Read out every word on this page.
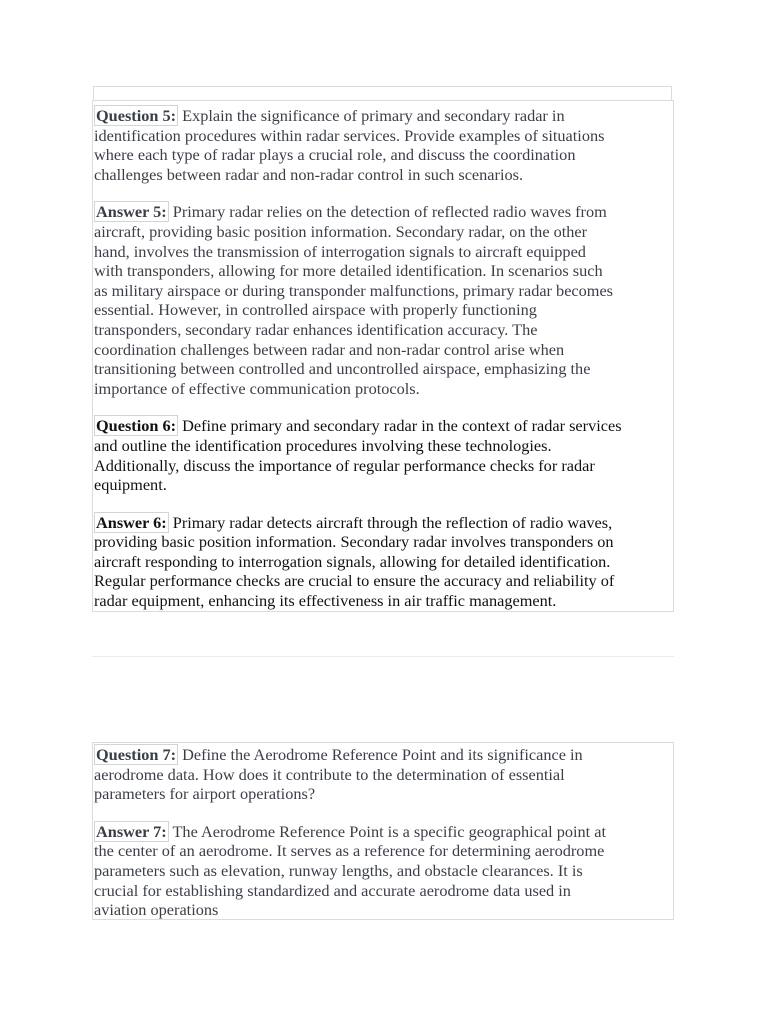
Question 5: Explain the significance of primary and secondary radar in
identification procedures within radar services. Provide examples of situations
where each type of radar plays a crucial role, and discuss the coordination
challenges between radar and non-radar control in such scenarios.

Answer 5: Primary radar relies on the detection of reflected radio waves from
aircraft, providing basic position information. Secondary radar, on the other
hand, involves the transmission of interrogation signals to aircraft equipped
with transponders, allowing for more detailed identification. In scenarios such
as military airspace or during transponder malfunctions, primary radar becomes
essential. However, in controlled airspace with properly functioning
transponders, secondary radar enhances identification accuracy. The
coordination challenges between radar and non-radar control arise when
transitioning between controlled and uncontrolled airspace, emphasizing the
importance of effective communication protocols.

Question 6: Define primary and secondary radar in the context of radar services
and outline the identification procedures involving these technologies.
Additionally, discuss the importance of regular performance checks for radar
equipment.

Answer 6: Primary radar detects aircraft through the reflection of radio waves,
providing basic position information. Secondary radar involves transponders on
aircraft responding to interrogation signals, allowing for detailed identification.
Regular performance checks are crucial to ensure the accuracy and reliability of
radar equipment, enhancing its effectiveness in air traffic management.

Question 7: Define the Aerodrome Reference Point and its significance in
aerodrome data. How does it contribute to the determination of essential
parameters for airport operations?

Answer 7: The Aerodrome Reference Point is a specific geographical point at
the center of an aerodrome. It serves as a reference for determining aerodrome
parameters such as elevation, runway lengths, and obstacle clearances. It is
crucial for establishing standardized and accurate aerodrome data used in
aviation operations
